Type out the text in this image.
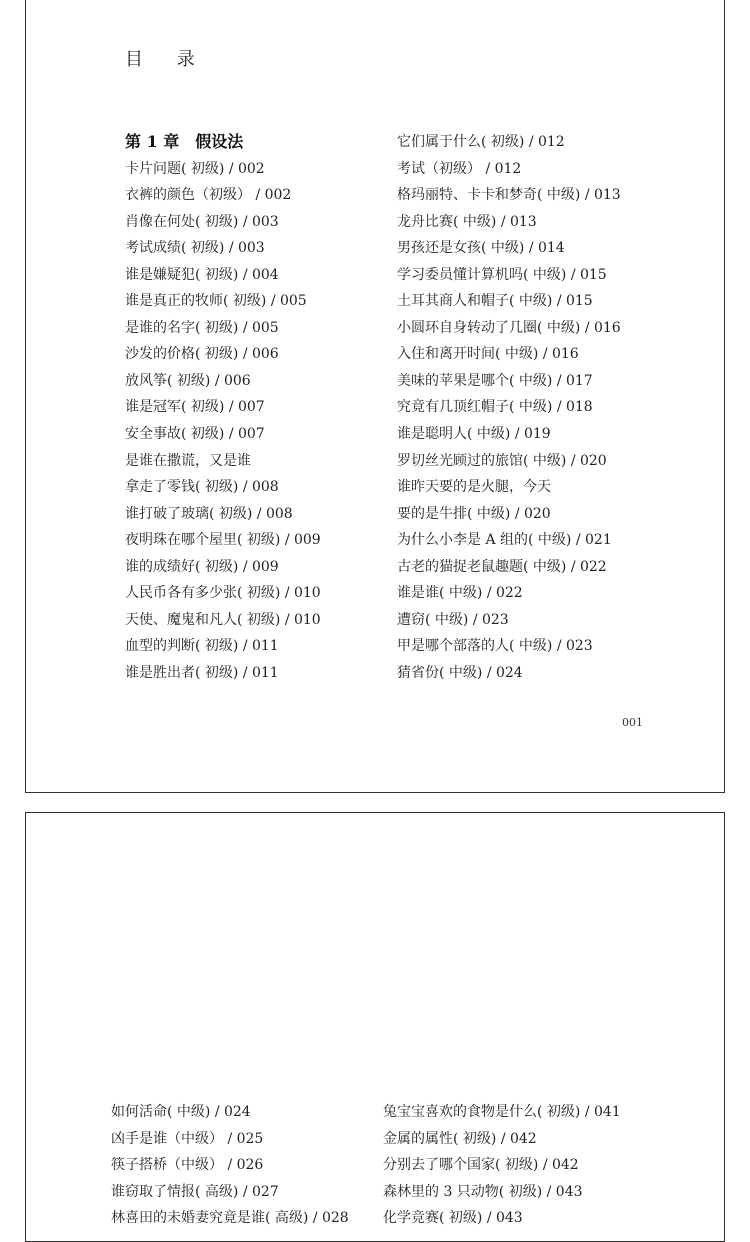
目 录
第 1 章　假设法
卡片问题( 初级) / 002
衣裤的颜色（初级） / 002
肖像在何处( 初级) / 003
考试成绩( 初级) / 003
谁是嫌疑犯( 初级) / 004
谁是真正的牧师( 初级) / 005
是谁的名字( 初级) / 005
沙发的价格( 初级) / 006
放风筝( 初级) / 006
谁是冠军( 初级) / 007
安全事故( 初级) / 007
是谁在撒谎，又是谁
拿走了零钱( 初级) / 008
谁打破了玻璃( 初级) / 008
夜明珠在哪个屋里( 初级) / 009
谁的成绩好( 初级) / 009
人民币各有多少张( 初级) / 010
天使、魔鬼和凡人( 初级) / 010
血型的判断( 初级) / 011
谁是胜出者( 初级) / 011
它们属于什么( 初级) / 012
考试（初级） / 012
格玛丽特、卡卡和梦奇( 中级) / 013
龙舟比赛( 中级) / 013
男孩还是女孩( 中级) / 014
学习委员懂计算机吗( 中级) / 015
土耳其商人和帽子( 中级) / 015
小圆环自身转动了几圈( 中级) / 016
入住和离开时间( 中级) / 016
美味的苹果是哪个( 中级) / 017
究竟有几顶红帽子( 中级) / 018
谁是聪明人( 中级) / 019
罗切丝光顾过的旅馆( 中级) / 020
谁昨天要的是火腿，今天
要的是牛排( 中级) / 020
为什么小李是 A 组的( 中级) / 021
古老的猫捉老鼠趣题( 中级) / 022
谁是谁( 中级) / 022
遭窃( 中级) / 023
甲是哪个部落的人( 中级) / 023
猜省份( 中级) / 024
001
如何活命( 中级) / 024
凶手是谁（中级） / 025
筷子搭桥（中级） / 026
谁窃取了情报( 高级) / 027
林喜田的未婚妻究竟是谁( 高级) / 028
兔宝宝喜欢的食物是什么( 初级) / 041
金属的属性( 初级) / 042
分别去了哪个国家( 初级) / 042
森林里的 3 只动物( 初级) / 043
化学竞赛( 初级) / 043
